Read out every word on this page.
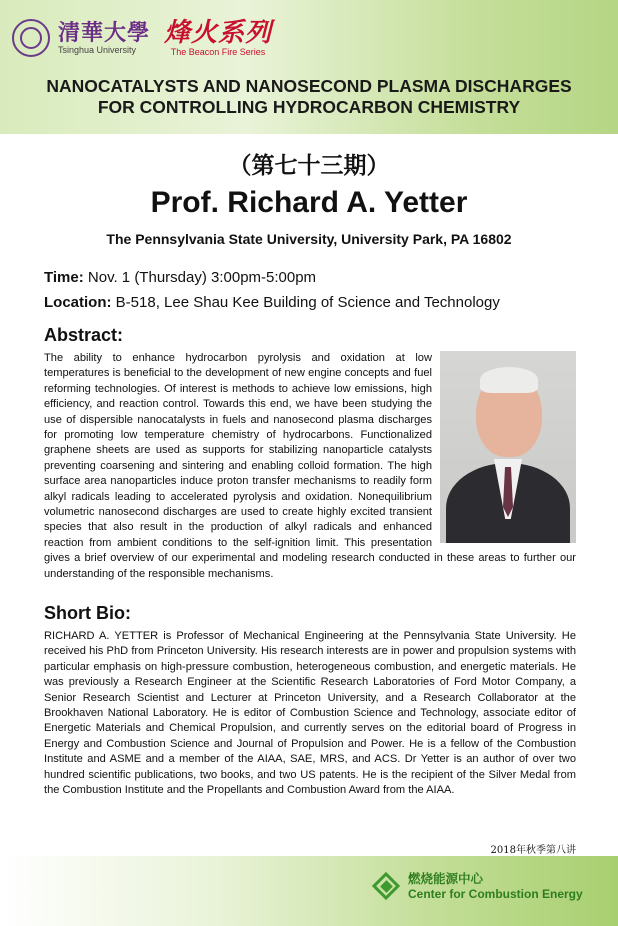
清華大學
Tsinghua University
烽火系列
The Beacon Fire Series
NANOCATALYSTS AND NANOSECOND PLASMA DISCHARGES
FOR CONTROLLING HYDROCARBON CHEMISTRY
（第七十三期）
Prof. Richard A. Yetter
The Pennsylvania State University, University Park, PA 16802
Time: Nov. 1 (Thursday) 3:00pm-5:00pm
Location: B-518, Lee Shau Kee Building of Science and Technology
Abstract:
The ability to enhance hydrocarbon pyrolysis and oxidation at low temperatures is beneficial to the development of new engine concepts and fuel reforming technologies. Of interest is methods to achieve low emissions, high efficiency, and reaction control. Towards this end, we have been studying the use of dispersible nanocatalysts in fuels and nanosecond plasma discharges for promoting low temperature chemistry of hydrocarbons. Functionalized graphene sheets are used as supports for stabilizing nanoparticle catalysts preventing coarsening and sintering and enabling colloid formation. The high surface area nanoparticles induce proton transfer mechanisms to readily form alkyl radicals leading to accelerated pyrolysis and oxidation. Nonequilibrium volumetric nanosecond discharges are used to create highly excited transient species that also result in the production of alkyl radicals and enhanced reaction from ambient conditions to the self-ignition limit. This presentation gives a brief overview of our experimental and modeling research conducted in these areas to further our understanding of the responsible mechanisms.
Short Bio:
RICHARD A. YETTER is Professor of Mechanical Engineering at the Pennsylvania State University. He received his PhD from Princeton University. His research interests are in power and propulsion systems with particular emphasis on high-pressure combustion, heterogeneous combustion, and energetic materials. He was previously a Research Engineer at the Scientific Research Laboratories of Ford Motor Company, a Senior Research Scientist and Lecturer at Princeton University, and a Research Collaborator at the Brookhaven National Laboratory. He is editor of Combustion Science and Technology, associate editor of Energetic Materials and Chemical Propulsion, and currently serves on the editorial board of Progress in Energy and Combustion Science and Journal of Propulsion and Power. He is a fellow of the Combustion Institute and ASME and a member of the AIAA, SAE, MRS, and ACS. Dr Yetter is an author of over two hundred scientific publications, two books, and two US patents. He is the recipient of the Silver Medal from the Combustion Institute and the Propellants and Combustion Award from the AIAA.
2018年秋季第八讲
燃烧能源中心
Center for Combustion Energy
